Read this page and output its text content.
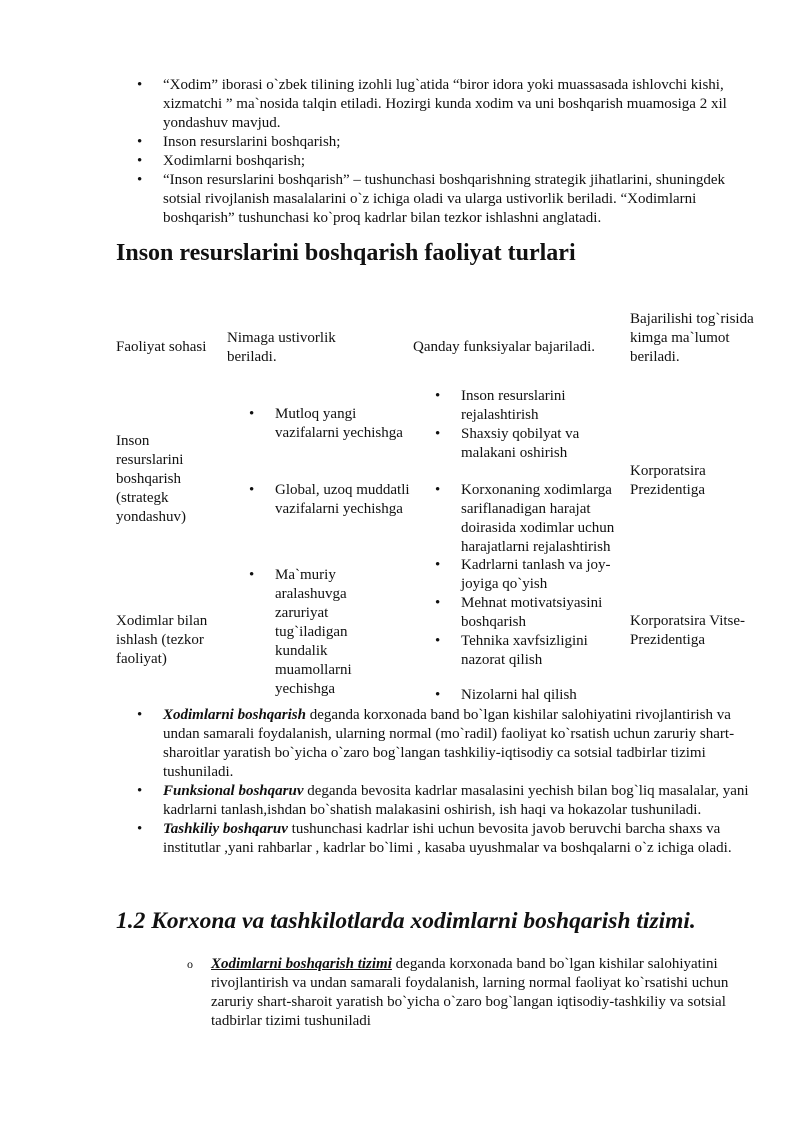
• “Xodim” iborasi o`zbek tilining izohli lug`atida “biror idora yoki muassasada ishlovchi kishi, xizmatchi ” ma`nosida talqin etiladi. Hozirgi kunda xodim va uni boshqarish muamosiga 2 xil yondashuv mavjud.
• Inson resurslarini boshqarish;
• Xodimlarni boshqarish;
• “Inson resurslarini boshqarish” – tushunchasi boshqarishning strategik jihatlarini, shuningdek sotsial rivojlanish masalalarini o`z ichiga oladi va ularga ustivorlik beriladi. “Xodimlarni boshqarish” tushunchasi ko`proq kadrlar bilan tezkor ishlashni anglatadi.
Inson resurslarini boshqarish faoliyat turlari
Faoliyat sohasi
Nimaga ustivorlik beriladi.
Qanday funksiyalar bajariladi.
Bajarilishi tog`risida kimga ma`lumot beriladi.
Inson resurslarini boshqarish (strategk yondashuv)
• Mutloq yangi vazifalarni yechishga
• Global, uzoq muddatli vazifalarni yechishga
• Inson resurslarini rejalashtirish
• Shaxsiy qobilyat va malakani oshirish
• Korxonaning xodimlarga sariflanadigan harajat doirasida xodimlar uchun harajatlarni rejalashtirish
Korporatsira Prezidentiga
Xodimlar bilan ishlash (tezkor faoliyat)
• Ma`muriy aralashuvga zaruriyat tug`iladigan kundalik muamollarni yechishga
• Kadrlarni tanlash va joy-joyiga qo`yish
• Mehnat motivatsiyasini boshqarish
• Tehnika xavfsizligini nazorat qilish
• Nizolarni hal qilish
Korporatsira Vitse-Prezidentiga
• Xodimlarni boshqarish deganda korxonada band bo`lgan kishilar salohiyatini rivojlantirish va undan samarali foydalanish, ularning normal (mo`radil) faoliyat ko`rsatish uchun zaruriy shart-sharoitlar yaratish bo`yicha o`zaro bog`langan tashkiliy-iqtisodiy ca sotsial tadbirlar tizimi tushuniladi.
• Funksional boshqaruv deganda bevosita kadrlar masalasini yechish bilan bog`liq masalalar, yani kadrlarni tanlash,ishdan bo`shatish malakasini oshirish, ish haqi va hokazolar tushuniladi.
• Tashkiliy boshqaruv tushunchasi kadrlar ishi uchun bevosita javob beruvchi barcha shaxs va institutlar ,yani rahbarlar , kadrlar bo`limi , kasaba uyushmalar va boshqalarni o`z ichiga oladi.
1.2 Korxona va tashkilotlarda xodimlarni boshqarish tizimi.
o Xodimlarni boshqarish tizimi deganda korxonada band bo`lgan kishilar salohiyatini rivojlantirish va undan samarali foydalanish, larning normal faoliyat ko`rsatishi uchun zaruriy shart-sharoit yaratish bo`yicha o`zaro bog`langan iqtisodiy-tashkiliy va sotsial tadbirlar tizimi tushuniladi
